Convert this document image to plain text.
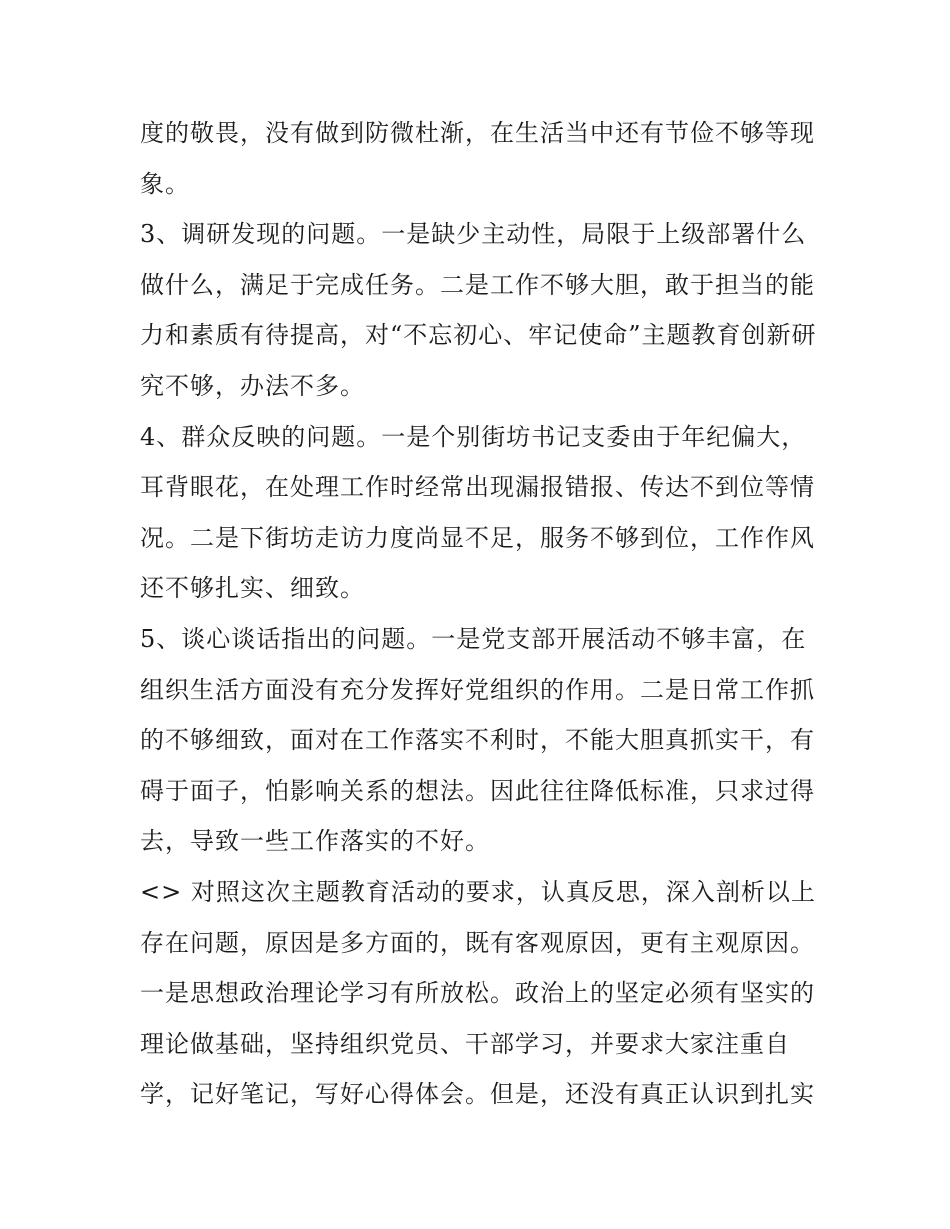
度的敬畏，没有做到防微杜渐，在生活当中还有节俭不够等现
象。
3、调研发现的问题。一是缺少主动性，局限于上级部署什么
做什么，满足于完成任务。二是工作不够大胆，敢于担当的能
力和素质有待提高，对“不忘初心、牢记使命”主题教育创新研
究不够，办法不多。
4、群众反映的问题。一是个别街坊书记支委由于年纪偏大，
耳背眼花，在处理工作时经常出现漏报错报、传达不到位等情
况。二是下街坊走访力度尚显不足，服务不够到位，工作作风
还不够扎实、细致。
5、谈心谈话指出的问题。一是党支部开展活动不够丰富，在
组织生活方面没有充分发挥好党组织的作用。二是日常工作抓
的不够细致，面对在工作落实不利时，不能大胆真抓实干，有
碍于面子，怕影响关系的想法。因此往往降低标准，只求过得
去，导致一些工作落实的不好。
<> 对照这次主题教育活动的要求，认真反思，深入剖析以上
存在问题，原因是多方面的，既有客观原因，更有主观原因。
一是思想政治理论学习有所放松。政治上的坚定必须有坚实的
理论做基础，坚持组织党员、干部学习，并要求大家注重自
学，记好笔记，写好心得体会。但是，还没有真正认识到扎实
